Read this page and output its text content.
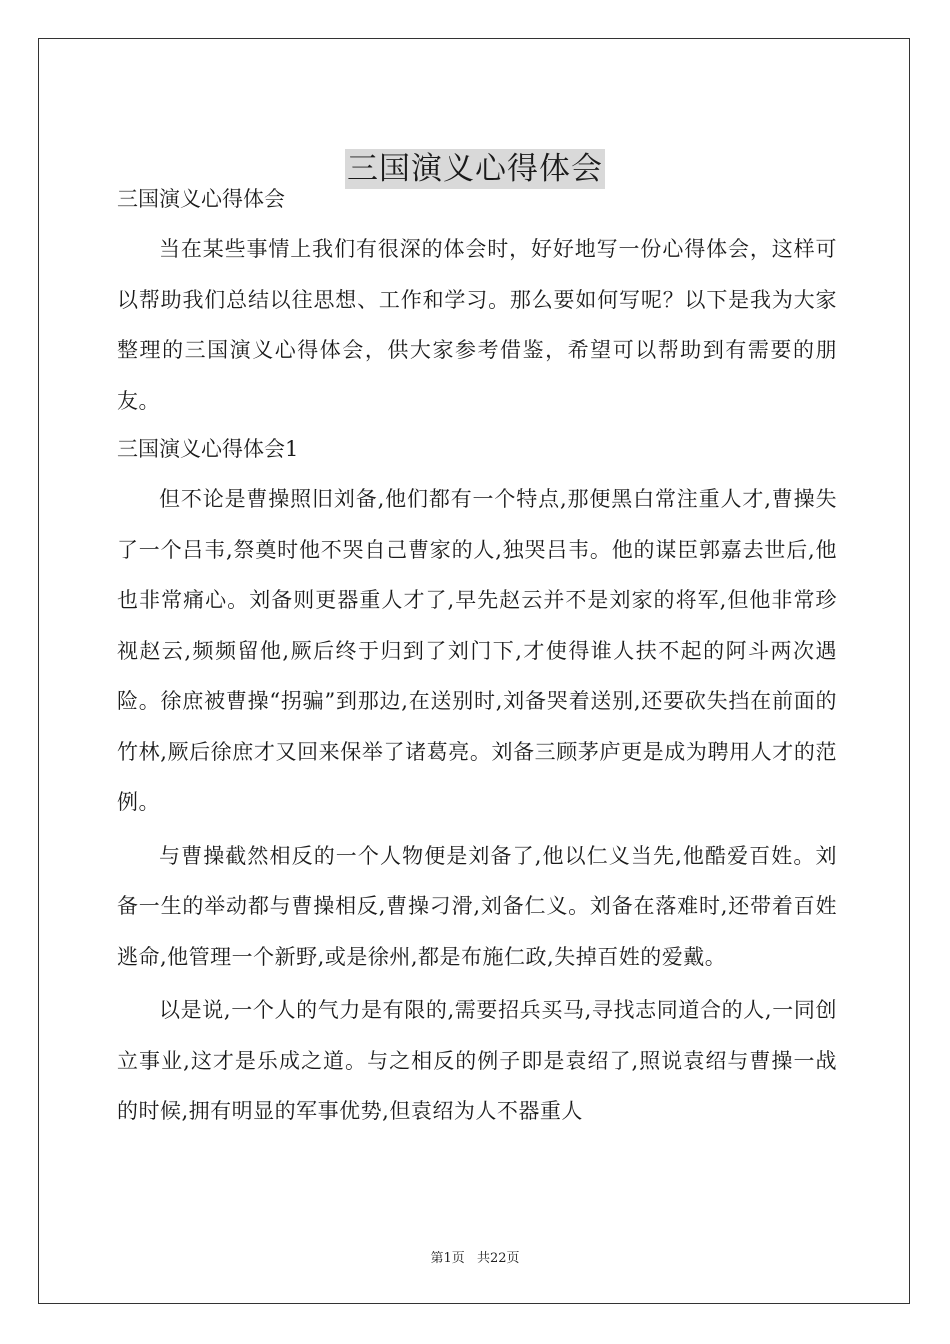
三国演义心得体会
三国演义心得体会

当在某些事情上我们有很深的体会时，好好地写一份心得体会，这样可以帮助我们总结以往思想、工作和学习。那么要如何写呢？以下是我为大家整理的三国演义心得体会，供大家参考借鉴，希望可以帮助到有需要的朋友。

三国演义心得体会1

但不论是曹操照旧刘备,他们都有一个特点,那便黑白常注重人才,曹操失了一个吕韦,祭奠时他不哭自己曹家的人,独哭吕韦。他的谋臣郭嘉去世后,他也非常痛心。刘备则更器重人才了,早先赵云并不是刘家的将军,但他非常珍视赵云,频频留他,厥后终于归到了刘门下,才使得谁人扶不起的阿斗两次遇险。徐庶被曹操“拐骗”到那边,在送别时,刘备哭着送别,还要砍失挡在前面的竹林,厥后徐庶才又回来保举了诸葛亮。刘备三顾茅庐更是成为聘用人才的范例。

与曹操截然相反的一个人物便是刘备了,他以仁义当先,他酷爱百姓。刘备一生的举动都与曹操相反,曹操刁滑,刘备仁义。刘备在落难时,还带着百姓逃命,他管理一个新野,或是徐州,都是布施仁政,失掉百姓的爱戴。

以是说,一个人的气力是有限的,需要招兵买马,寻找志同道合的人,一同创立事业,这才是乐成之道。与之相反的例子即是袁绍了,照说袁绍与曹操一战的时候,拥有明显的军事优势,但袁绍为人不器重人

第1页 共22页
